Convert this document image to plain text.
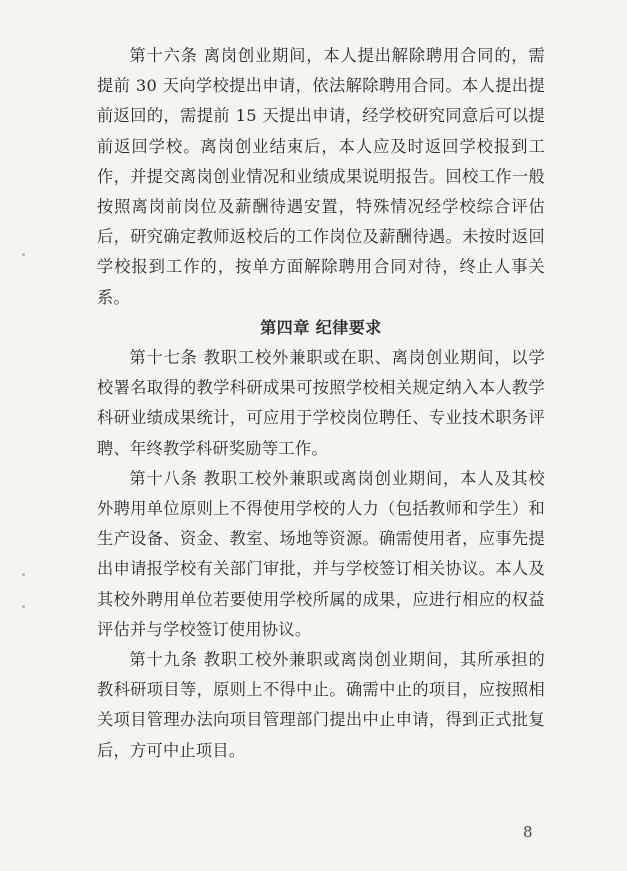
第十六条 离岗创业期间，本人提出解除聘用合同的，需提前 30 天向学校提出申请，依法解除聘用合同。本人提出提前返回的，需提前 15 天提出申请，经学校研究同意后可以提前返回学校。离岗创业结束后，本人应及时返回学校报到工作，并提交离岗创业情况和业绩成果说明报告。回校工作一般按照离岗前岗位及薪酬待遇安置，特殊情况经学校综合评估后，研究确定教师返校后的工作岗位及薪酬待遇。未按时返回学校报到工作的，按单方面解除聘用合同对待，终止人事关系。

第四章 纪律要求

第十七条 教职工校外兼职或在职、离岗创业期间，以学校署名取得的教学科研成果可按照学校相关规定纳入本人教学科研业绩成果统计，可应用于学校岗位聘任、专业技术职务评聘、年终教学科研奖励等工作。

第十八条 教职工校外兼职或离岗创业期间，本人及其校外聘用单位原则上不得使用学校的人力（包括教师和学生）和生产设备、资金、教室、场地等资源。确需使用者，应事先提出申请报学校有关部门审批，并与学校签订相关协议。本人及其校外聘用单位若要使用学校所属的成果，应进行相应的权益评估并与学校签订使用协议。

第十九条 教职工校外兼职或离岗创业期间，其所承担的教科研项目等，原则上不得中止。确需中止的项目，应按照相关项目管理办法向项目管理部门提出中止申请，得到正式批复后，方可中止项目。

8
